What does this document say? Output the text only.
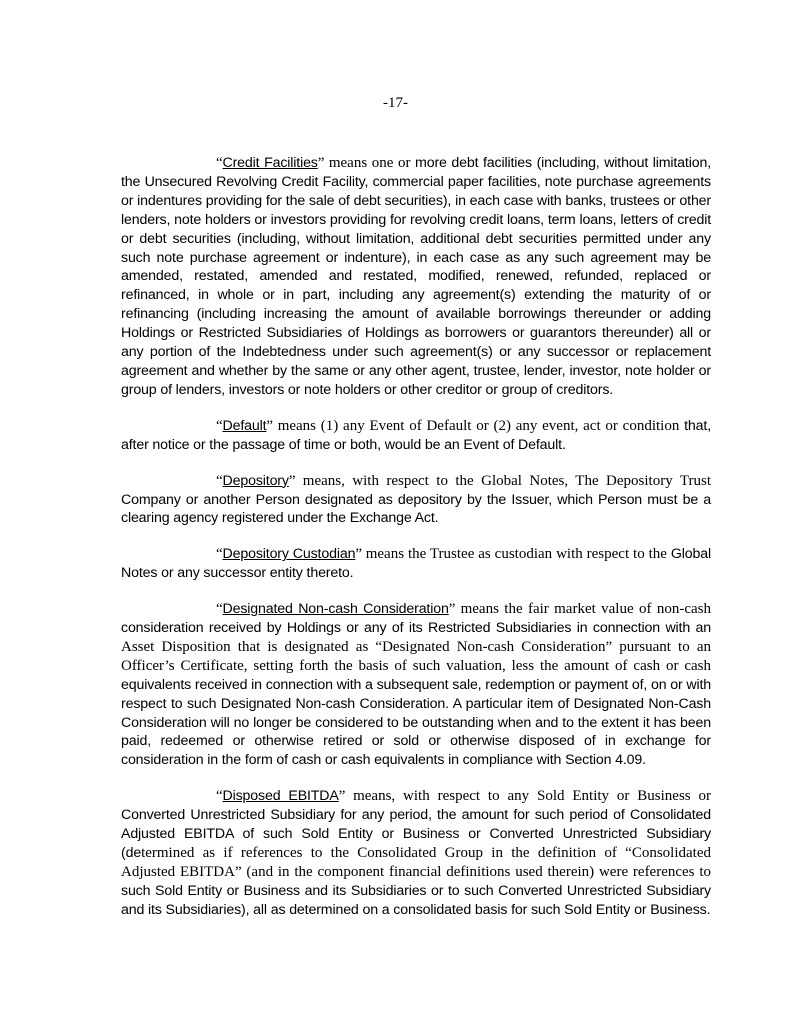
-17-

“Credit Facilities” means one or more debt facilities (including, without limitation, the Unsecured Revolving Credit Facility, commercial paper facilities, note purchase agreements or indentures providing for the sale of debt securities), in each case with banks, trustees or other lenders, note holders or investors providing for revolving credit loans, term loans, letters of credit or debt securities (including, without limitation, additional debt securities permitted under any such note purchase agreement or indenture), in each case as any such agreement may be amended, restated, amended and restated, modified, renewed, refunded, replaced or refinanced, in whole or in part, including any agreement(s) extending the maturity of or refinancing (including increasing the amount of available borrowings thereunder or adding Holdings or Restricted Subsidiaries of Holdings as borrowers or guarantors thereunder) all or any portion of the Indebtedness under such agreement(s) or any successor or replacement agreement and whether by the same or any other agent, trustee, lender, investor, note holder or group of lenders, investors or note holders or other creditor or group of creditors.

“Default” means (1) any Event of Default or (2) any event, act or condition that, after notice or the passage of time or both, would be an Event of Default.

“Depository” means, with respect to the Global Notes, The Depository Trust Company or another Person designated as depository by the Issuer, which Person must be a clearing agency registered under the Exchange Act.

“Depository Custodian” means the Trustee as custodian with respect to the Global Notes or any successor entity thereto.

“Designated Non-cash Consideration” means the fair market value of non-cash consideration received by Holdings or any of its Restricted Subsidiaries in connection with an Asset Disposition that is designated as “Designated Non-cash Consideration” pursuant to an Officer’s Certificate, setting forth the basis of such valuation, less the amount of cash or cash equivalents received in connection with a subsequent sale, redemption or payment of, on or with respect to such Designated Non-cash Consideration. A particular item of Designated Non-Cash Consideration will no longer be considered to be outstanding when and to the extent it has been paid, redeemed or otherwise retired or sold or otherwise disposed of in exchange for consideration in the form of cash or cash equivalents in compliance with Section 4.09.

“Disposed EBITDA” means, with respect to any Sold Entity or Business or Converted Unrestricted Subsidiary for any period, the amount for such period of Consolidated Adjusted EBITDA of such Sold Entity or Business or Converted Unrestricted Subsidiary (determined as if references to the Consolidated Group in the definition of “Consolidated Adjusted EBITDA” (and in the component financial definitions used therein) were references to such Sold Entity or Business and its Subsidiaries or to such Converted Unrestricted Subsidiary and its Subsidiaries), all as determined on a consolidated basis for such Sold Entity or Business.
